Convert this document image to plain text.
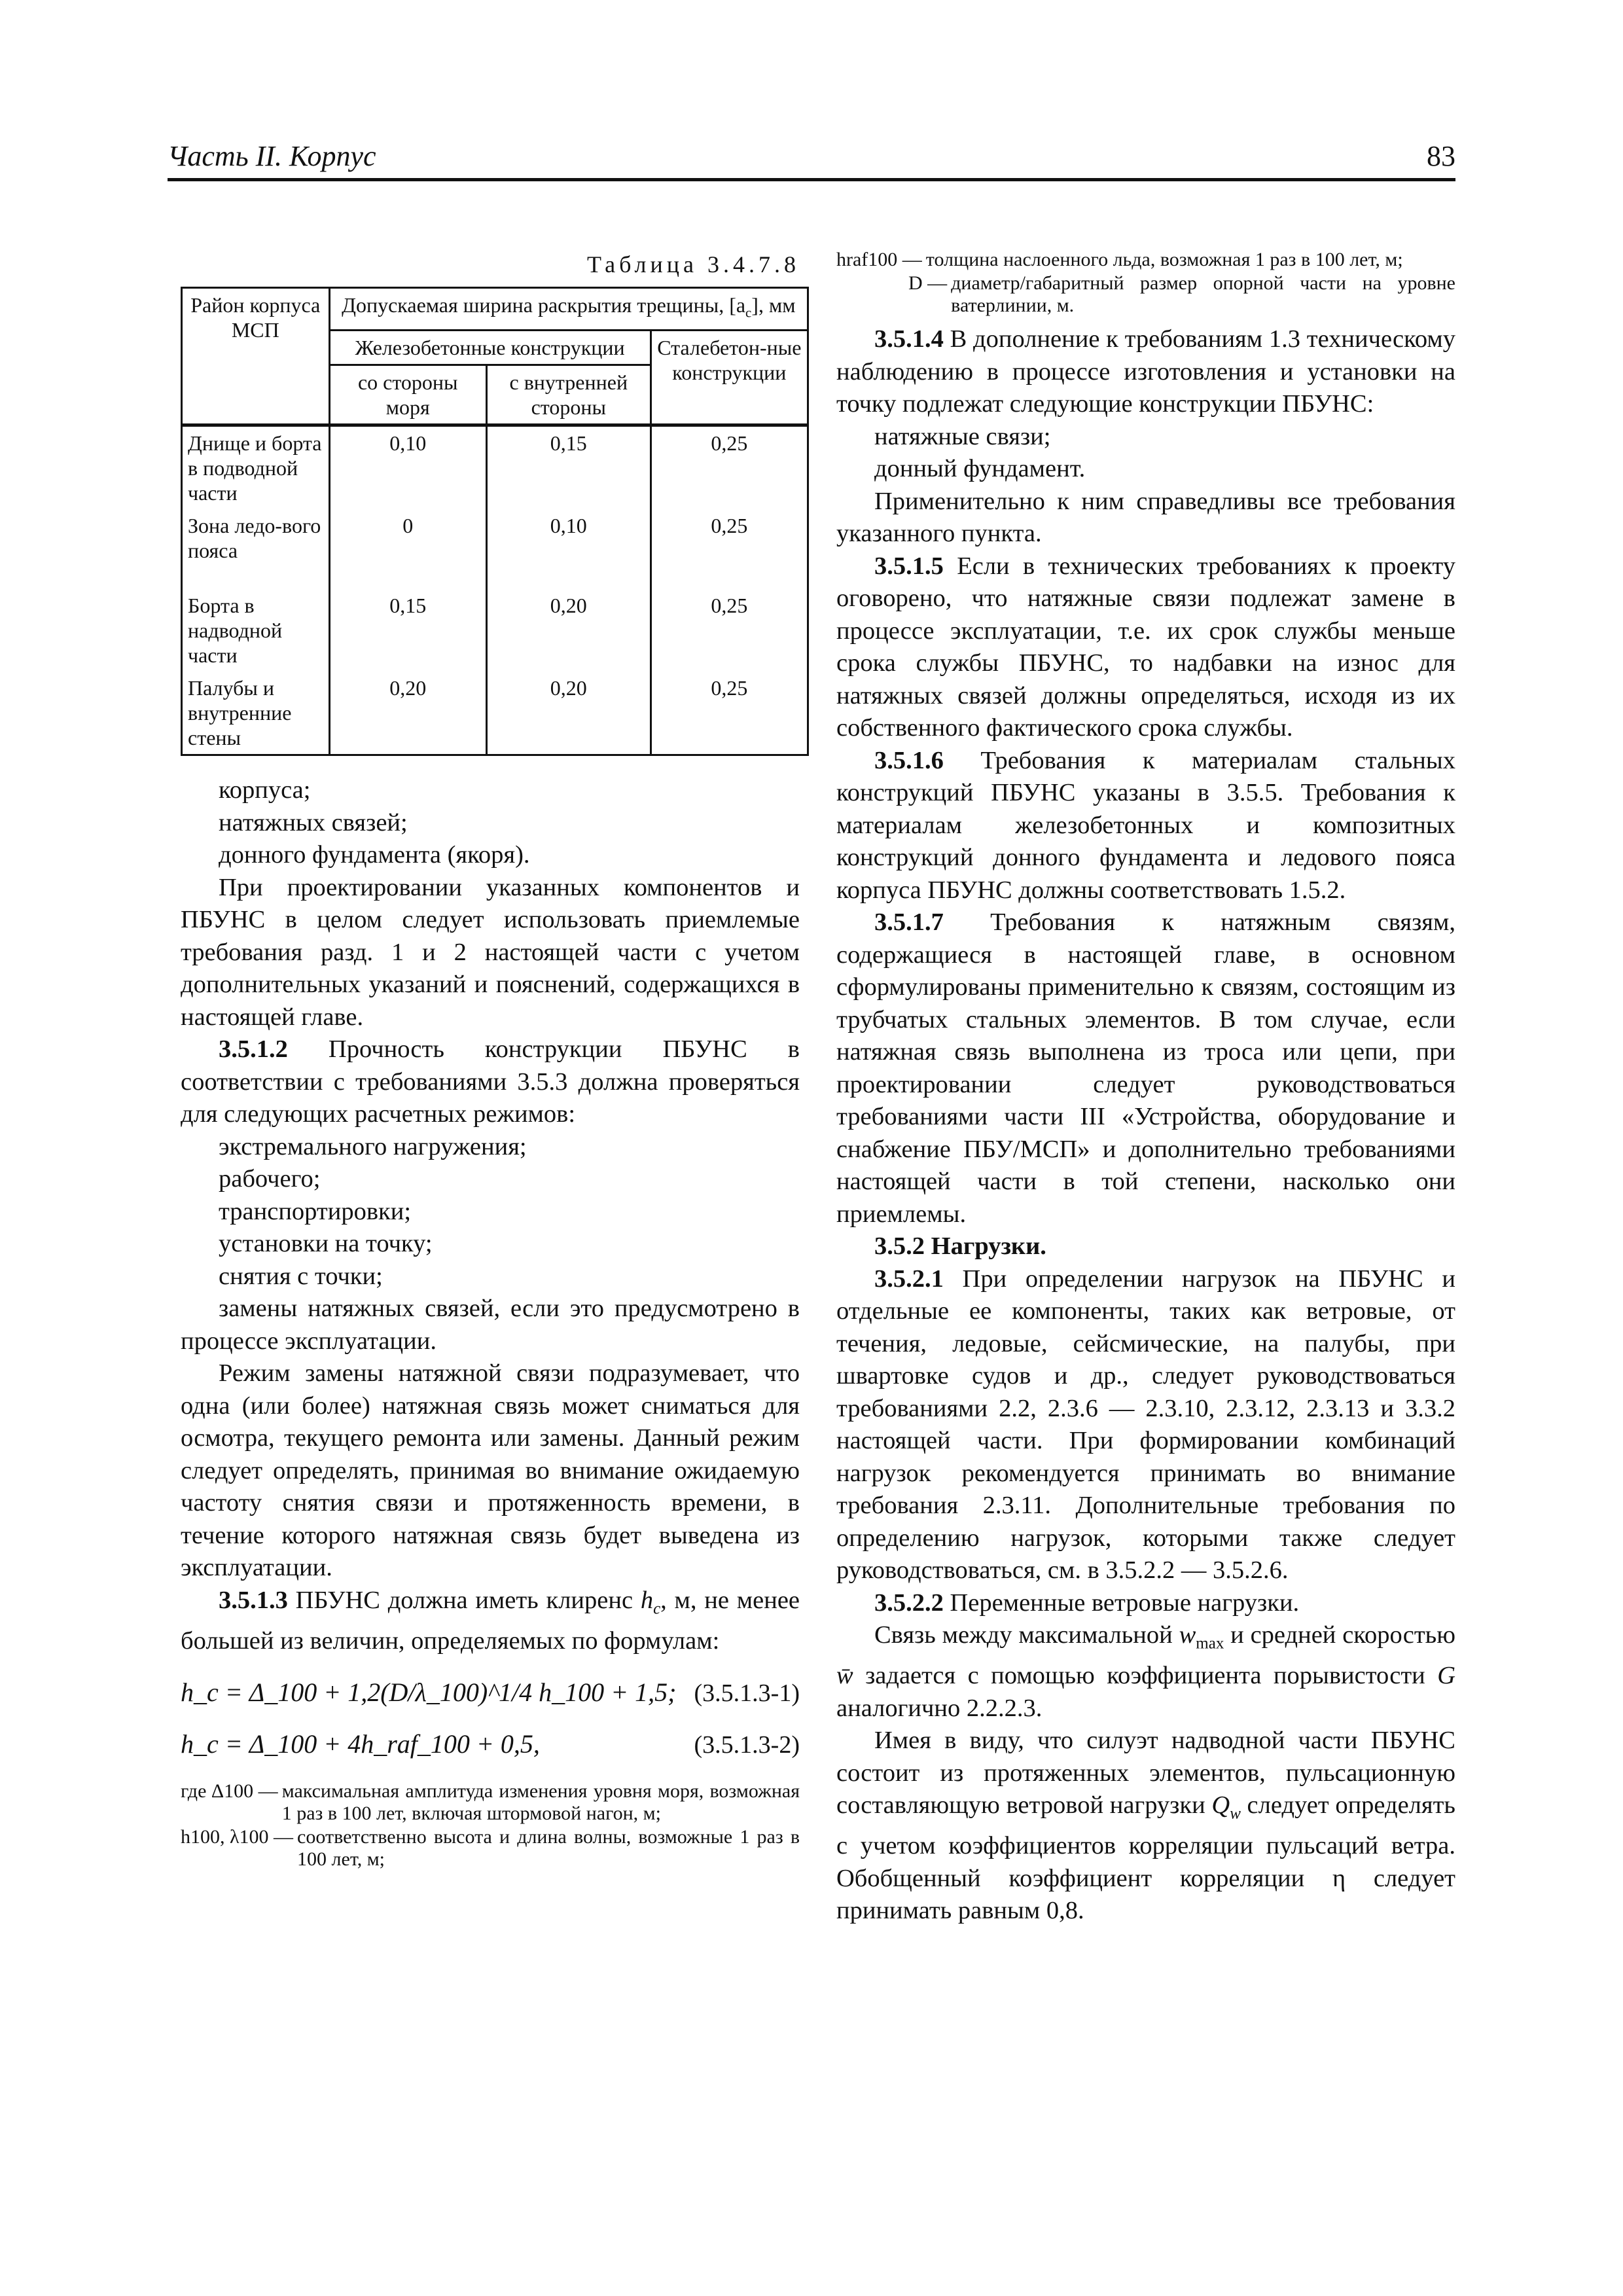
Часть II. Корпус	83
Таблица 3.4.7.8
Район корпуса МСП	Допускаемая ширина раскрытия трещины, $[a_c]$, мм		
	Железобетонные конструкции		Сталебетон-ные конструкции
	со стороны моря	с внутренней стороны	
Днище и борта в подводной части	0,10	0,15	0,25
Зона ледо-вого пояса	0	0,10	0,25
Борта в надводной части	0,15	0,20	0,25
Палубы и внутренние стены	0,20	0,20	0,25

корпуса;

натяжных связей;

донного фундамента (якоря).

При проектировании указанных компонентов и ПБУНС в целом следует использовать приемлемые требования разд. 1 и 2 настоящей части с учетом дополнительных указаний и пояснений, содержащихся в настоящей главе.

3.5.1.2 Прочность конструкции ПБУНС в соответствии с требованиями 3.5.3 должна проверяться для следующих расчетных режимов:

экстремального нагружения;

рабочего;

транспортировки;

установки на точку;

снятия с точки;

замены натяжных связей, если это предусмотрено в процессе эксплуатации.

Режим замены натяжной связи подразумевает, что одна (или более) натяжная связь может сниматься для осмотра, текущего ремонта или замены. Данный режим следует определять, принимая во внимание ожидаемую частоту снятия связи и протяженность времени, в течение которого натяжная связь будет выведена из эксплуатации.

3.5.1.3 ПБУНС должна иметь клиренс $h_c$, м, не менее большей из величин, определяемых по формулам:

h_c = Δ_100 + 1,2(D/λ_100)^1/4 h_100 + 1,5; (3.5.1.3-1)
h_c = Δ_100 + 4h_raf_100 + 0,5,	(3.5.1.3-2)
где Δ100 — максимальная амплитуда изменения уровня моря, возможная 1 раз в 100 лет, включая штормовой нагон, м;
h100, λ100 — соответственно высота и длина волны, возможные 1 раз в 100 лет, м;
hraf100 — толщина наслоенного льда, возможная 1 раз в 100 лет, м;
D — диаметр/габаритный размер опорной части на уровне ватерлинии, м.

3.5.1.4 В дополнение к требованиям 1.3 техническому наблюдению в процессе изготовления и установки на точку подлежат следующие конструкции ПБУНС:

натяжные связи;

донный фундамент.

Применительно к ним справедливы все требования указанного пункта.

3.5.1.5 Если в технических требованиях к проекту оговорено, что натяжные связи подлежат замене в процессе эксплуатации, т.е. их срок службы меньше срока службы ПБУНС, то надбавки на износ для натяжных связей должны определяться, исходя из их собственного фактического срока службы.

3.5.1.6 Требования к материалам стальных конструкций ПБУНС указаны в 3.5.5. Требования к материалам железобетонных и композитных конструкций донного фундамента и ледового пояса корпуса ПБУНС должны соответствовать 1.5.2.

3.5.1.7 Требования к натяжным связям, содержащиеся в настоящей главе, в основном сформулированы применительно к связям, состоящим из трубчатых стальных элементов. В том случае, если натяжная связь выполнена из троса или цепи, при проектировании следует руководствоваться требованиями части III «Устройства, оборудование и снабжение ПБУ/МСП» и дополнительно требованиями настоящей части в той степени, насколько они приемлемы.

3.5.2 Нагрузки.

3.5.2.1 При определении нагрузок на ПБУНС и отдельные ее компоненты, таких как ветровые, от течения, ледовые, сейсмические, на палубы, при швартовке судов и др., следует руководствоваться требованиями 2.2, 2.3.6 — 2.3.10, 2.3.12, 2.3.13 и 3.3.2 настоящей части. При формировании комбинаций нагрузок рекомендуется принимать во внимание требования 2.3.11. Дополнительные требования по определению нагрузок, которыми также следует руководствоваться, см. в 3.5.2.2 — 3.5.2.6.

3.5.2.2 Переменные ветровые нагрузки.

Связь между максимальной $w_{max}$ и средней скоростью w̄ задается с помощью коэффициента порывистости G аналогично 2.2.2.3.

Имея в виду, что силуэт надводной части ПБУНС состоит из протяженных элементов, пульсационную составляющую ветровой нагрузки $Q_w$ следует определять с учетом коэффициентов корреляции пульсаций ветра. Обобщенный коэффициент корреляции η следует принимать равным 0,8.
